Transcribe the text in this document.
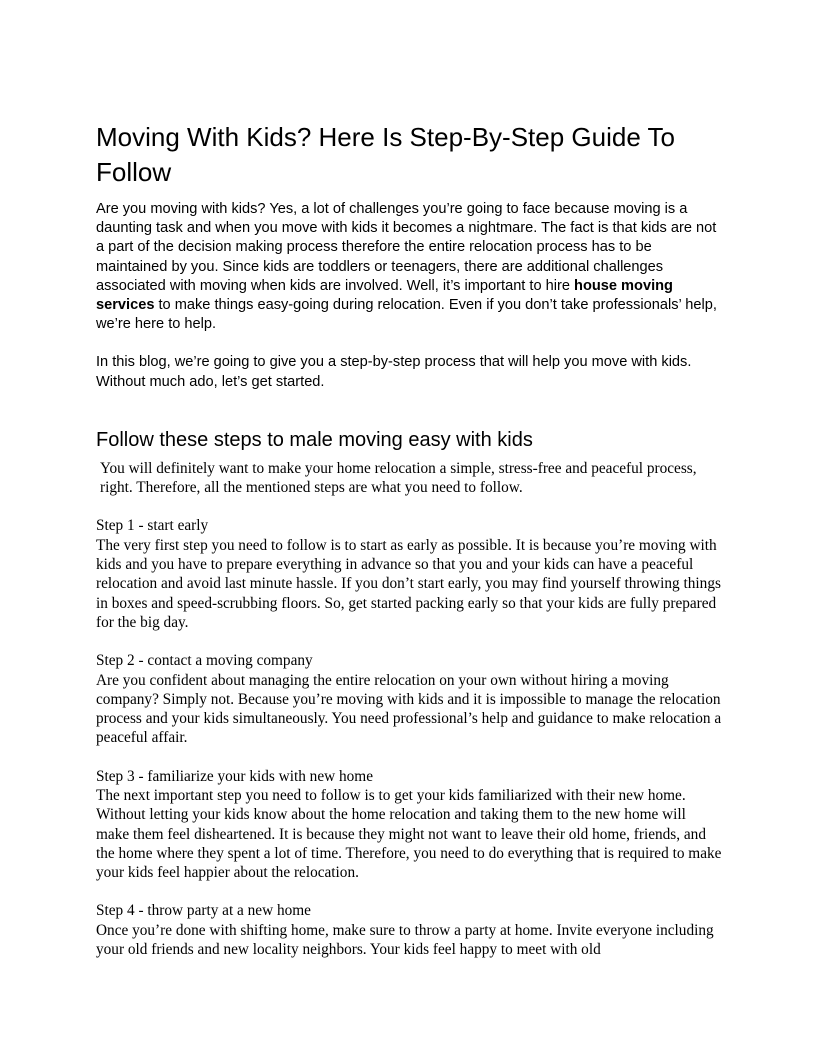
Moving With Kids? Here Is Step-By-Step Guide To Follow

Are you moving with kids? Yes, a lot of challenges you’re going to face because moving is a daunting task and when you move with kids it becomes a nightmare. The fact is that kids are not a part of the decision making process therefore the entire relocation process has to be maintained by you. Since kids are toddlers or teenagers, there are additional challenges associated with moving when kids are involved. Well, it’s important to hire house moving services to make things easy-going during relocation. Even if you don’t take professionals’ help, we’re here to help.

In this blog, we’re going to give you a step-by-step process that will help you move with kids. Without much ado, let’s get started.

Follow these steps to male moving easy with kids

You will definitely want to make your home relocation a simple, stress-free and peaceful process, right. Therefore, all the mentioned steps are what you need to follow.

Step 1 - start early

The very first step you need to follow is to start as early as possible. It is because you’re moving with kids and you have to prepare everything in advance so that you and your kids can have a peaceful relocation and avoid last minute hassle. If you don’t start early, you may find yourself throwing things in boxes and speed-scrubbing floors. So, get started packing early so that your kids are fully prepared for the big day.

Step 2 - contact a moving company

Are you confident about managing the entire relocation on your own without hiring a moving company? Simply not. Because you’re moving with kids and it is impossible to manage the relocation process and your kids simultaneously. You need professional’s help and guidance to make relocation a peaceful affair.

Step 3 - familiarize your kids with new home

The next important step you need to follow is to get your kids familiarized with their new home. Without letting your kids know about the home relocation and taking them to the new home will make them feel disheartened. It is because they might not want to leave their old home, friends, and the home where they spent a lot of time. Therefore, you need to do everything that is required to make your kids feel happier about the relocation.

Step 4 - throw party at a new home

Once you’re done with shifting home, make sure to throw a party at home. Invite everyone including your old friends and new locality neighbors. Your kids feel happy to meet with old
